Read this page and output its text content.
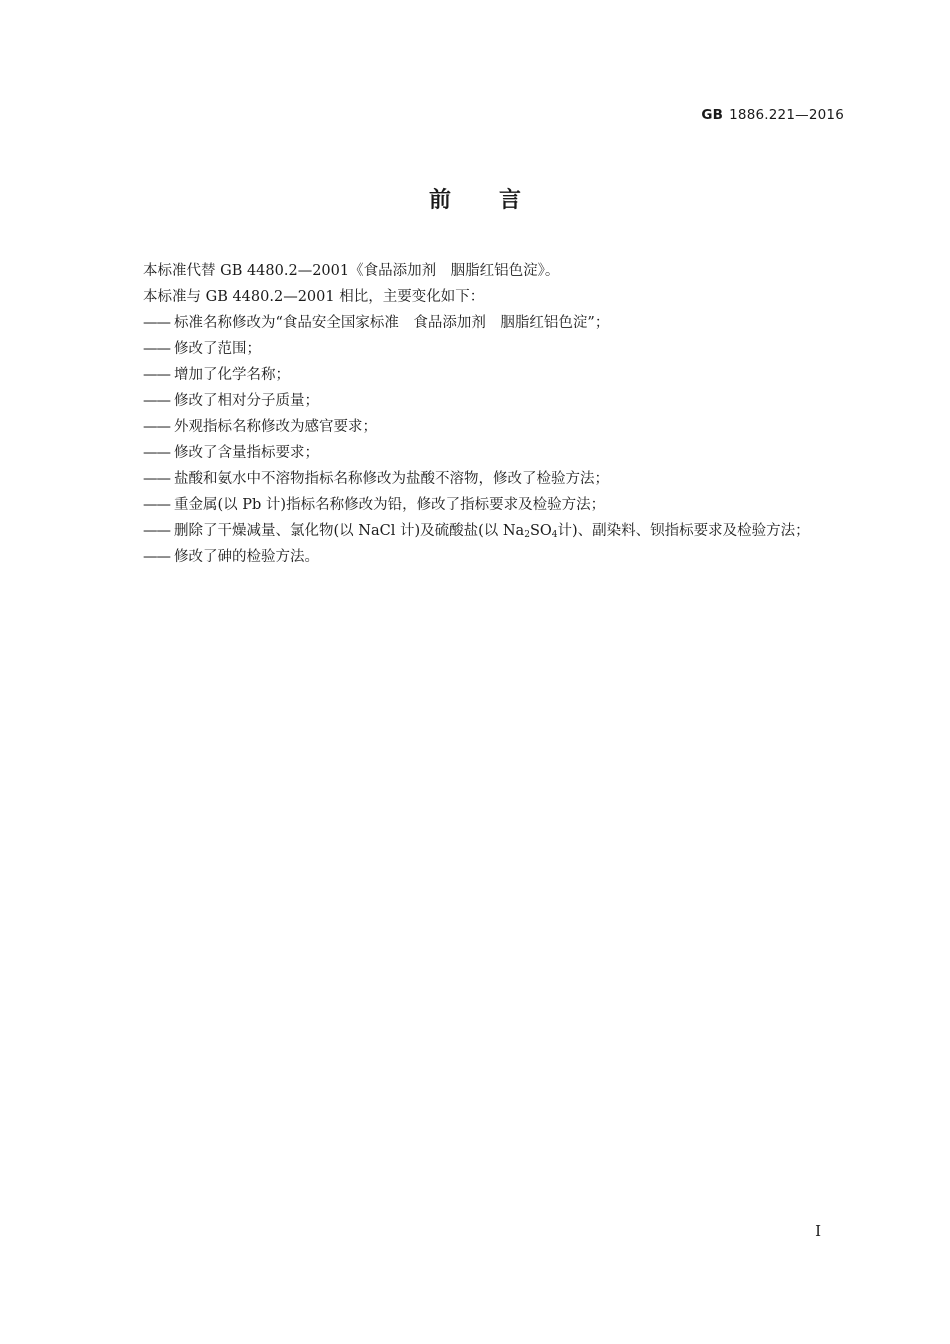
GB 1886.221—2016
前言
本标准代替 GB 4480.2—2001《食品添加剂　胭脂红铝色淀》。
本标准与 GB 4480.2—2001 相比，主要变化如下：
—— 标准名称修改为“食品安全国家标准　食品添加剂　胭脂红铝色淀”；
—— 修改了范围；
—— 增加了化学名称；
—— 修改了相对分子质量；
—— 外观指标名称修改为感官要求；
—— 修改了含量指标要求；
—— 盐酸和氨水中不溶物指标名称修改为盐酸不溶物，修改了检验方法；
—— 重金属(以 Pb 计)指标名称修改为铅，修改了指标要求及检验方法；
—— 删除了干燥减量、氯化物(以 NaCl 计)及硫酸盐(以 $Na_2SO_4$计)、副染料、钡指标要求及检验方法；
—— 修改了砷的检验方法。
I
